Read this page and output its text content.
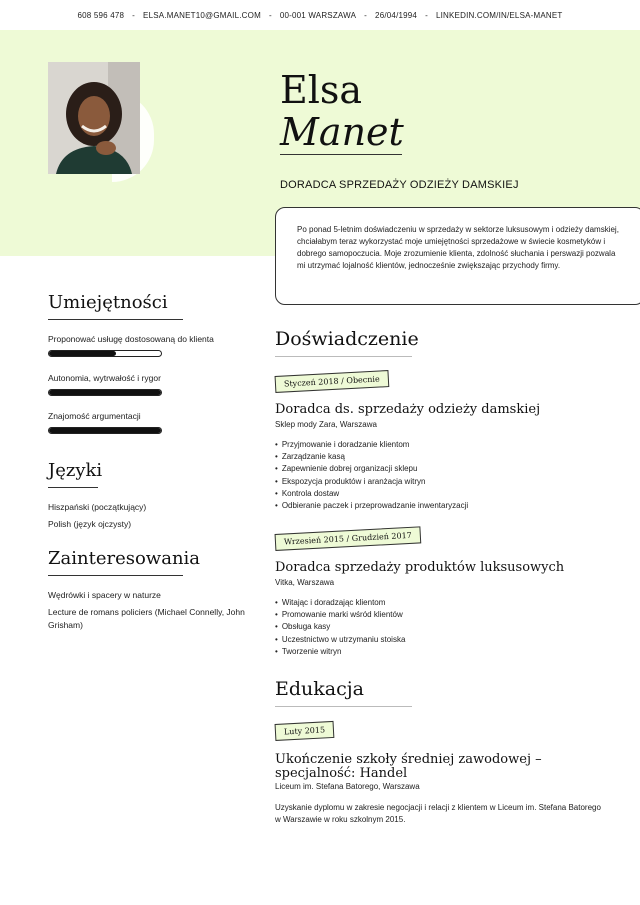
608 596 478 - ELSA.MANET10@GMAIL.COM - 00-001 WARSZAWA - 26/04/1994 - LINKEDIN.COM/IN/ELSA-MANET
Elsa
Manet
DORADCA SPRZEDAŻY ODZIEŻY DAMSKIEJ

Po ponad 5-letnim doświadczeniu w sprzedaży w sektorze luksusowym i odzieży damskiej, chciałabym teraz wykorzystać moje umiejętności sprzedażowe w świecie kosmetyków i dobrego samopoczucia. Moje zrozumienie klienta, zdolność słuchania i perswazji pozwala mi utrzymać lojalność klientów, jednocześnie zwiększając przychody firmy.

Umiejętności
Proponować usługę dostosowaną do klienta
Autonomia, wytrwałość i rygor
Znajomość argumentacji
Języki
Hiszpański (początkujący)
Polish (język ojczysty)
Zainteresowania
Wędrówki i spacery w naturze
Lecture de romans policiers (Michael Connelly, John Grisham)
Doświadczenie
Styczeń 2018 / Obecnie
Doradca ds. sprzedaży odzieży damskiej
Sklep mody Zara, Warszawa
• Przyjmowanie i doradzanie klientom
• Zarządzanie kasą
• Zapewnienie dobrej organizacji sklepu
• Ekspozycja produktów i aranżacja witryn
• Kontrola dostaw
• Odbieranie paczek i przeprowadzanie inwentaryzacji
Wrzesień 2015 / Grudzień 2017
Doradca sprzedaży produktów luksusowych
Vitka, Warszawa
• Witając i doradzając klientom
• Promowanie marki wśród klientów
• Obsługa kasy
• Uczestnictwo w utrzymaniu stoiska
• Tworzenie witryn
Edukacja
Luty 2015
Ukończenie szkoły średniej zawodowej – specjalność: Handel
Liceum im. Stefana Batorego, Warszawa
Uzyskanie dyplomu w zakresie negocjacji i relacji z klientem w Liceum im. Stefana Batorego w Warszawie w roku szkolnym 2015.
